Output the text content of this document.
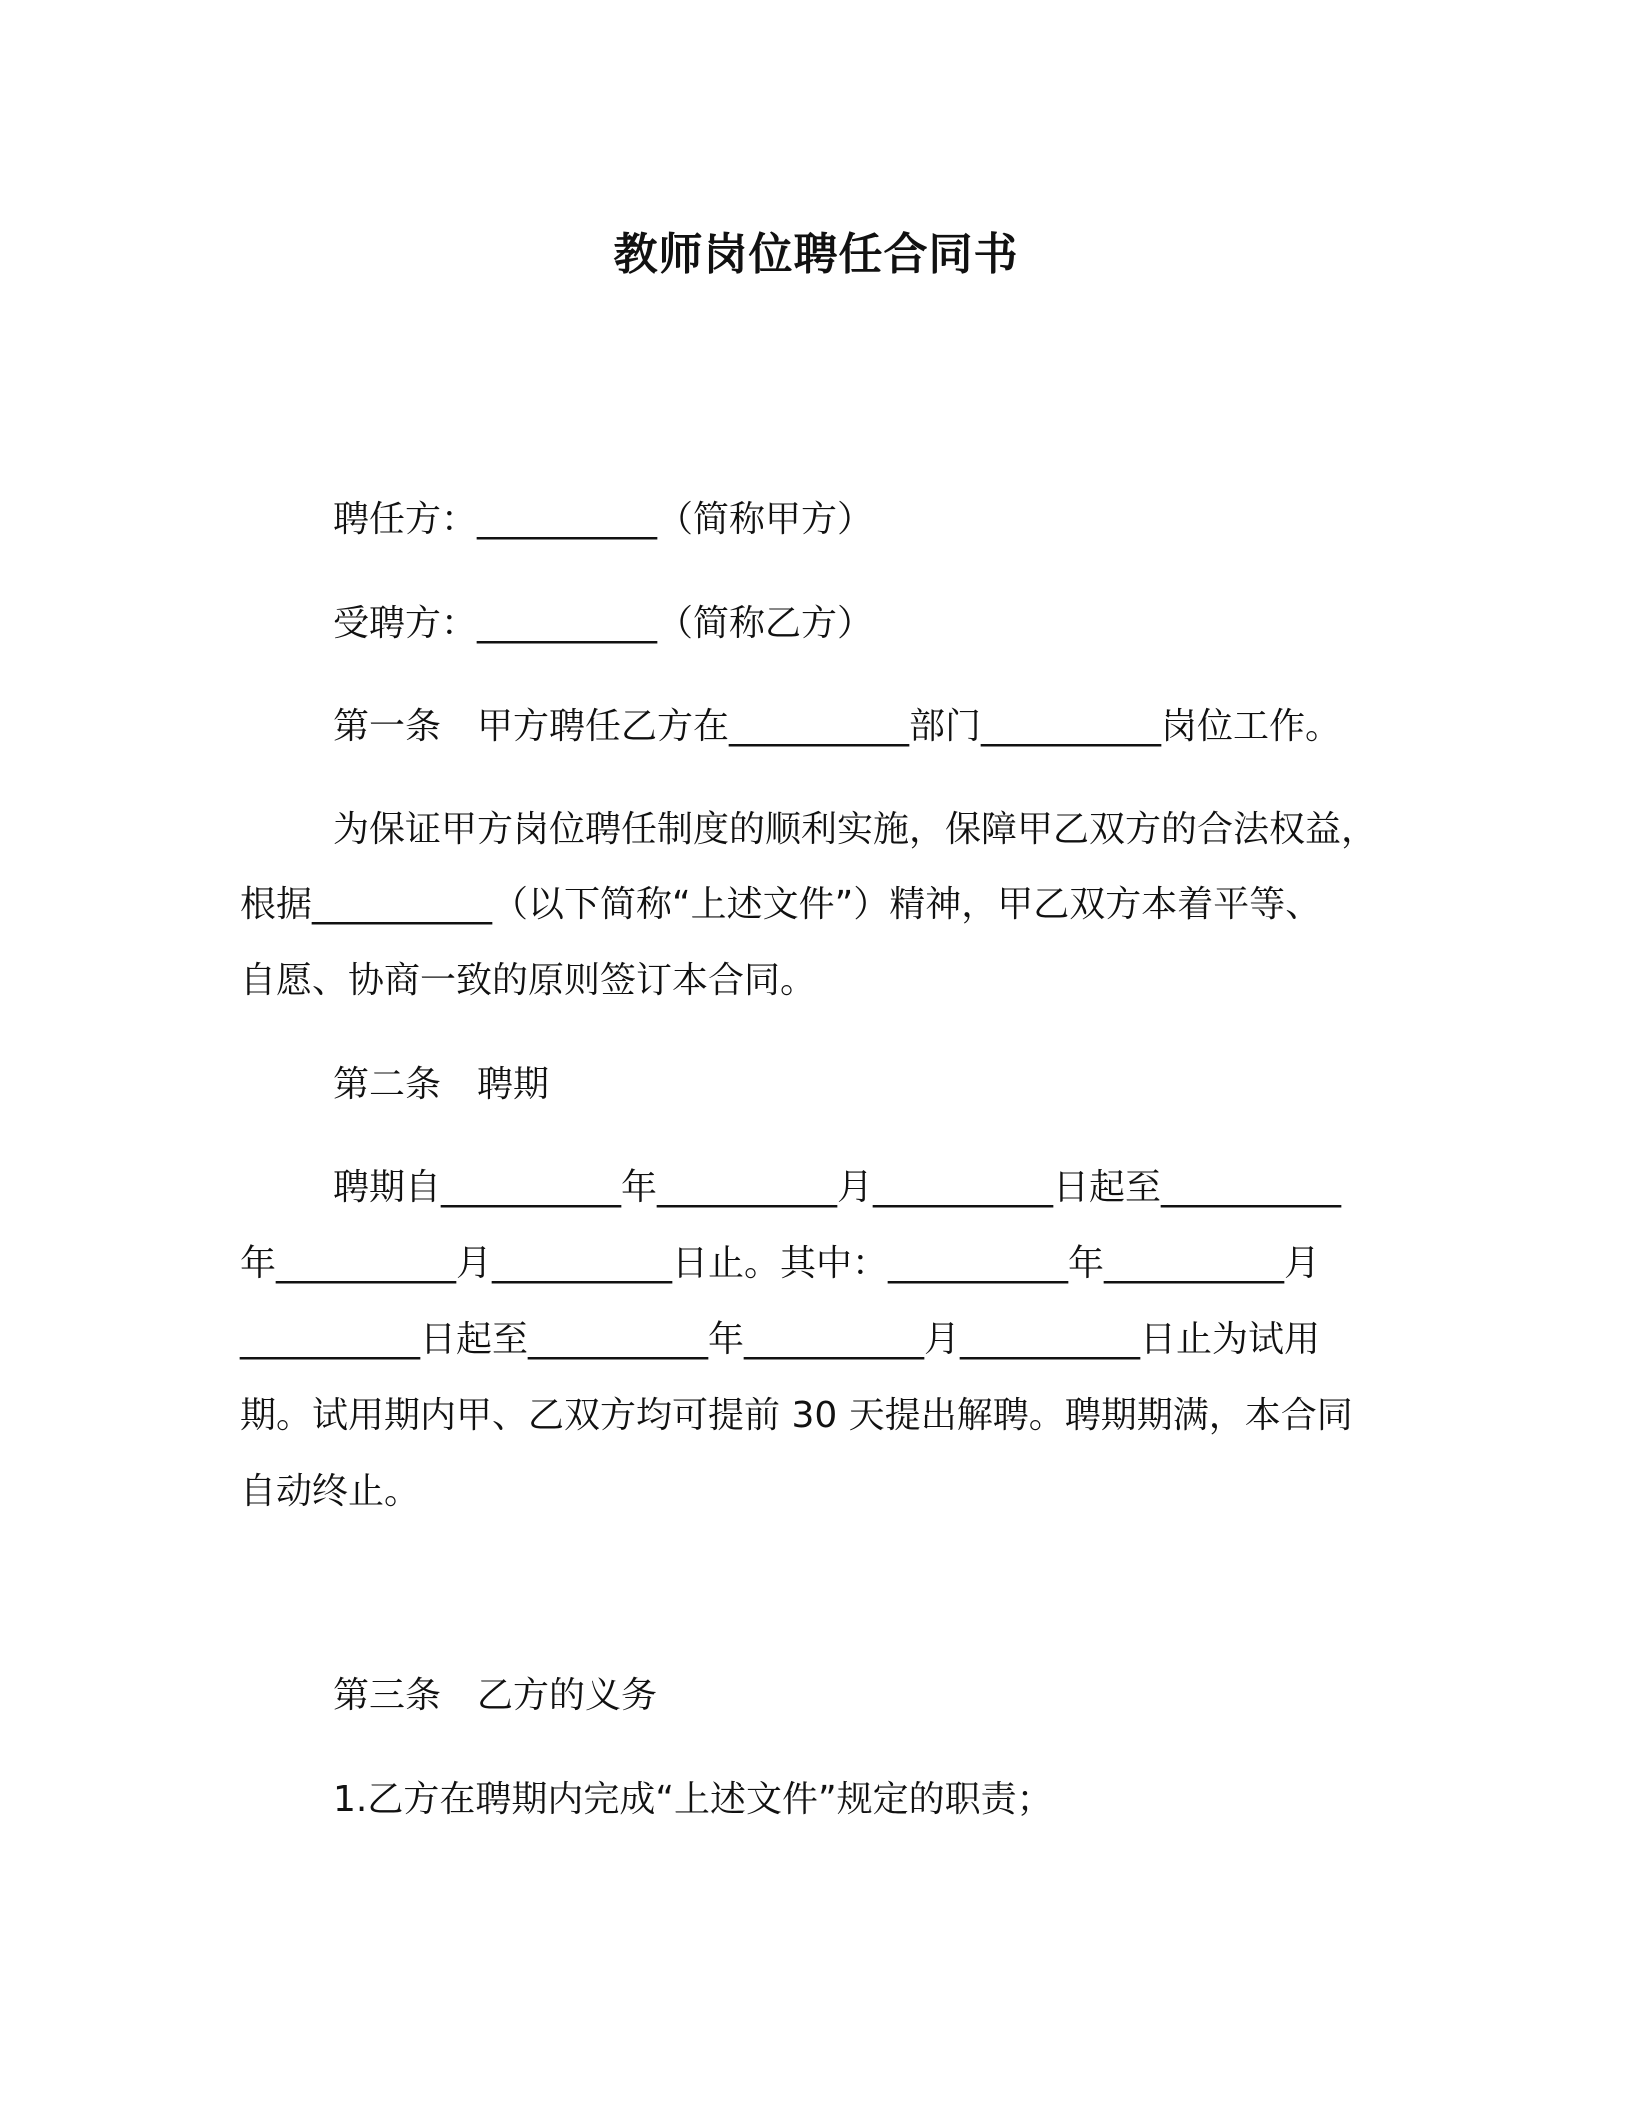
教师岗位聘任合同书
聘任方：__________（简称甲方）
受聘方：__________（简称乙方）
第一条　甲方聘任乙方在__________部门__________岗位工作。
为保证甲方岗位聘任制度的顺利实施，保障甲乙双方的合法权益，
根据__________（以下简称“上述文件”）精神，甲乙双方本着平等、
自愿、协商一致的原则签订本合同。
第二条　聘期
聘期自__________年__________月__________日起至__________
年__________月__________日止。其中：__________年__________月
__________日起至__________年__________月__________日止为试用
期。试用期内甲、乙双方均可提前 30 天提出解聘。聘期期满，本合同
自动终止。
第三条　乙方的义务
1.乙方在聘期内完成“上述文件”规定的职责；
